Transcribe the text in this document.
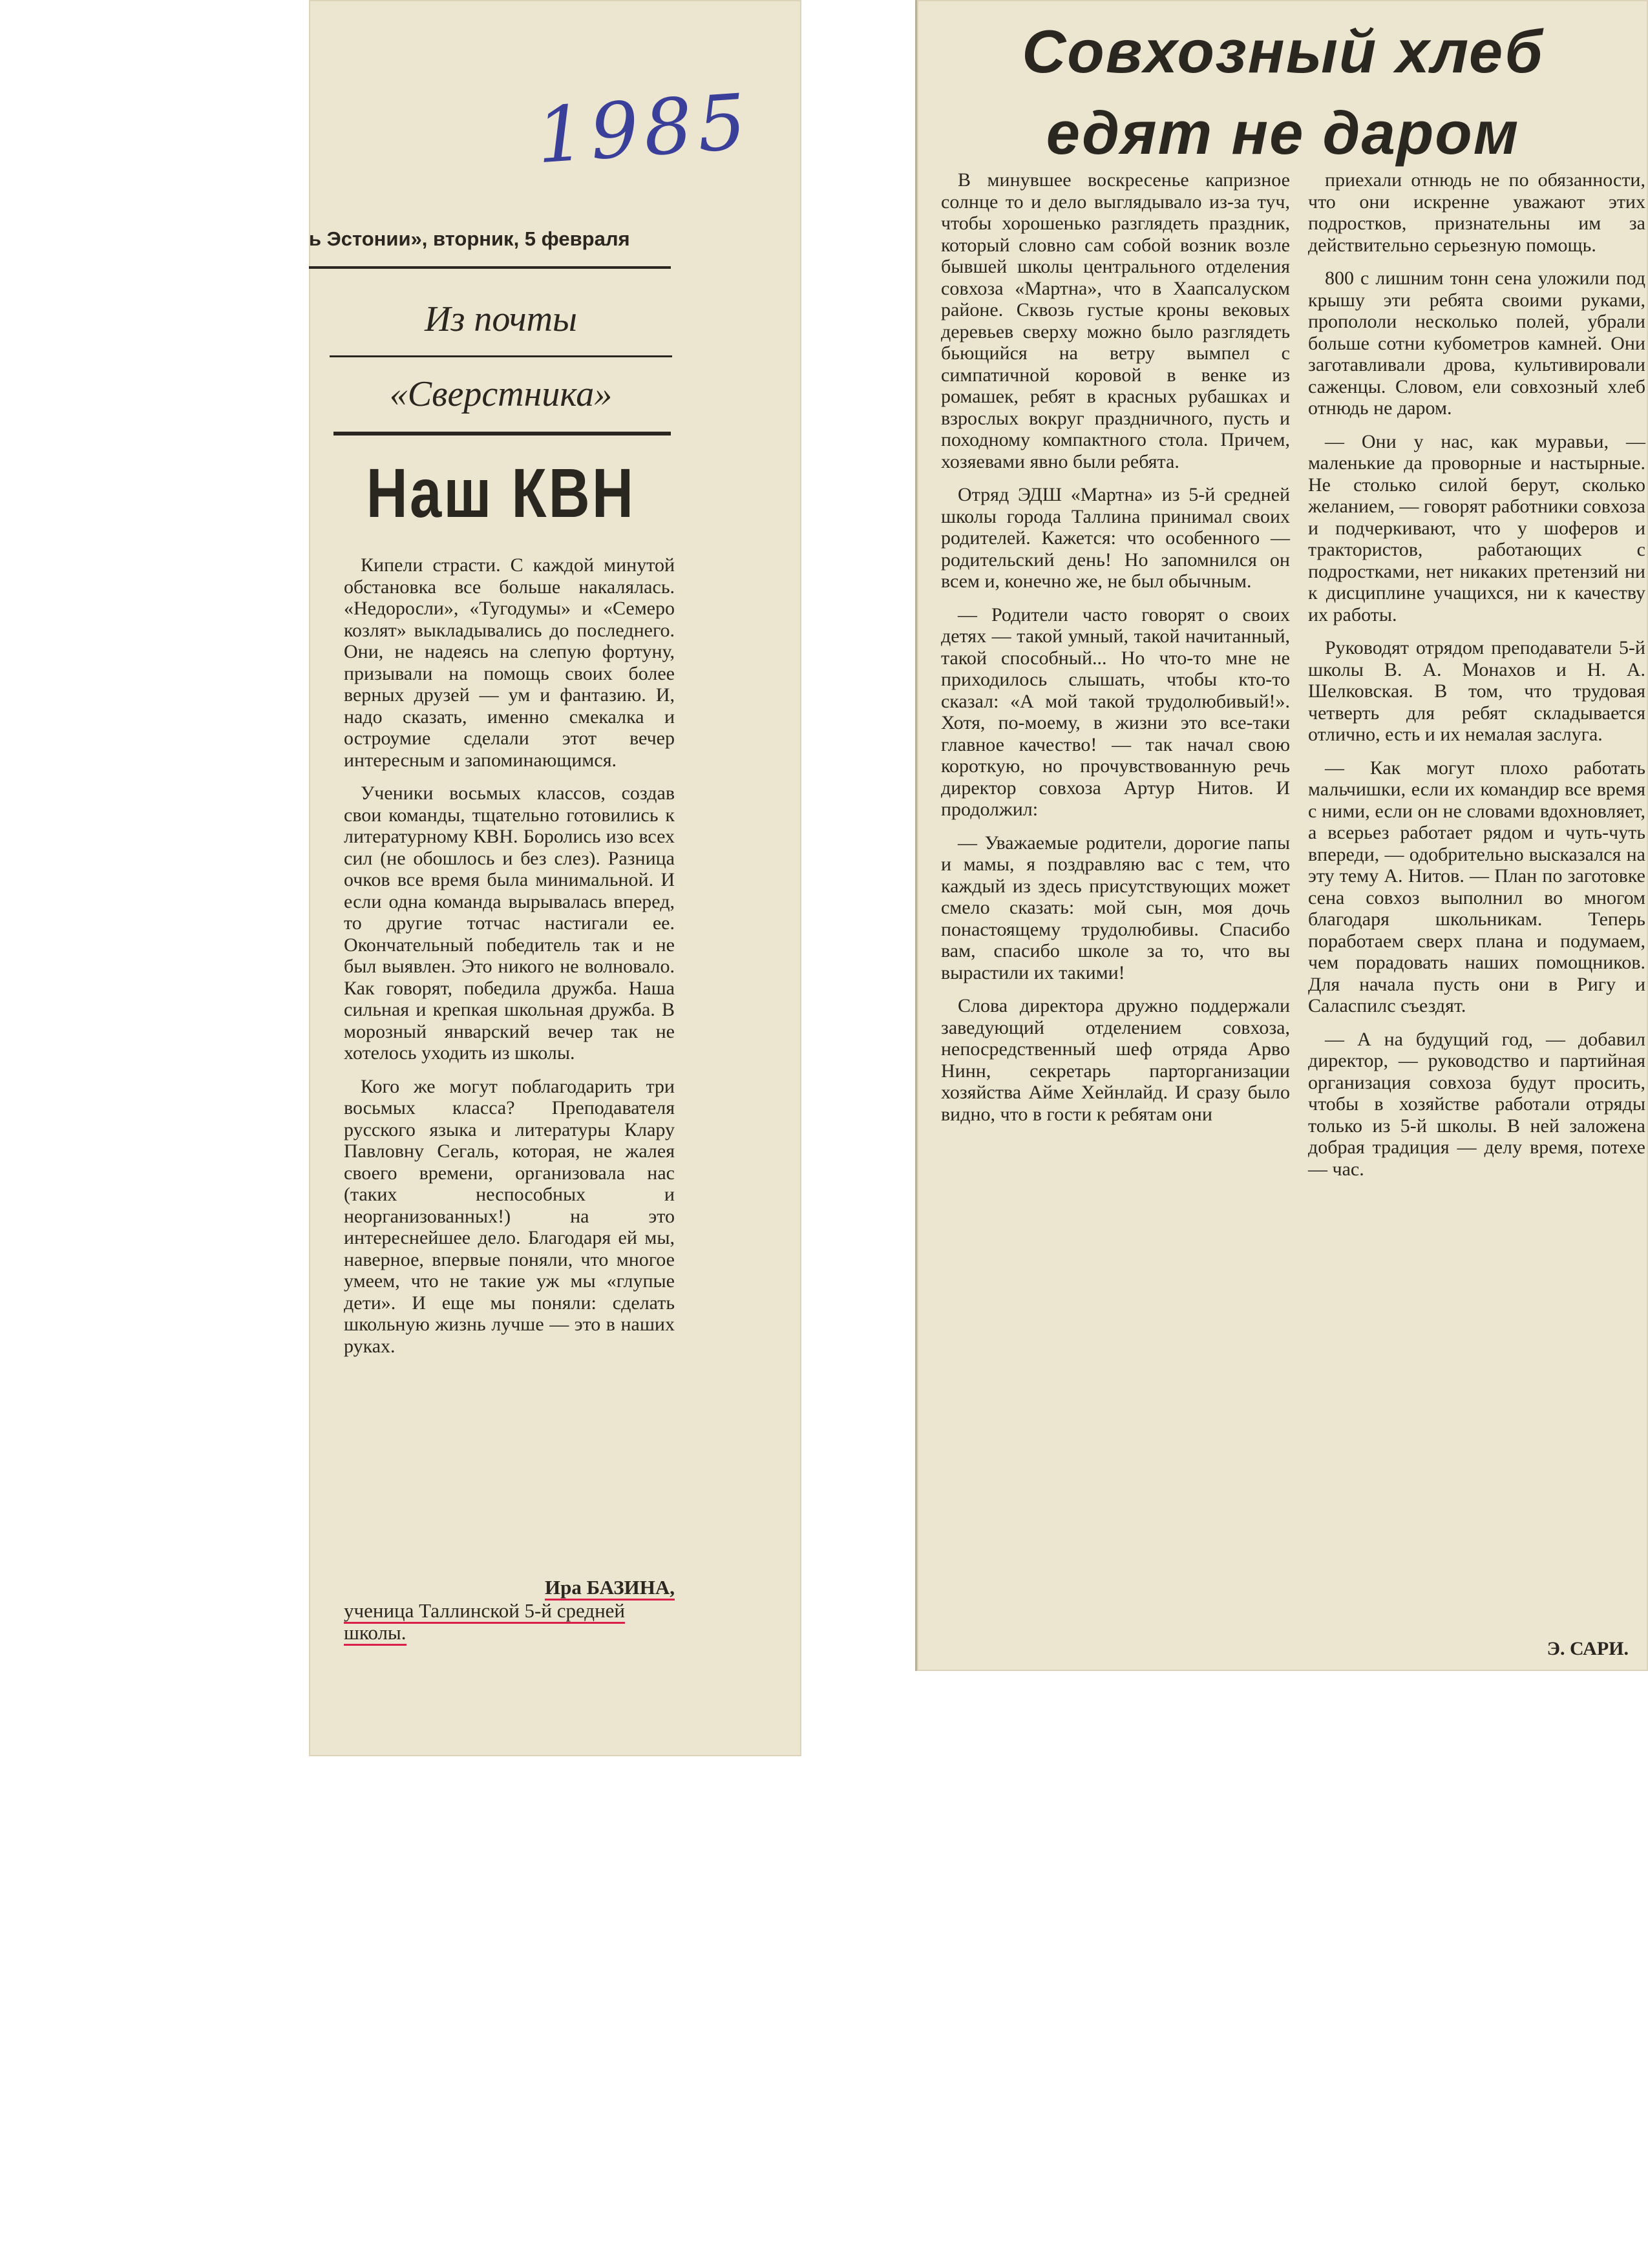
1985
ь Эстонии», вторник, 5 февраля
Из почты
«Сверстника»
Наш КВН

Кипели страсти. С каждой минутой обстановка все больше накалялась. «Недоросли», «Тугодумы» и «Семеро козлят» выкладывались до последнего. Они, не надеясь на слепую фортуну, призывали на помощь своих более верных друзей — ум и фантазию. И, надо сказать, именно смекалка и остроумие сделали этот вечер интересным и запоминающимся.

Ученики восьмых классов, создав свои команды, тщательно готовились к литературному КВН. Боролись изо всех сил (не обошлось и без слез). Разница очков все время была минимальной. И если одна команда вырывалась вперед, то другие тотчас настигали ее. Окончательный победитель так и не был выявлен. Это никого не волновало. Как говорят, победила дружба. Наша сильная и крепкая школьная дружба. В морозный январский вечер так не хотелось уходить из школы.

Кого же могут поблагодарить три восьмых класса? Преподавателя русского языка и литературы Клару Павловну Сегаль, которая, не жалея своего времени, организовала нас (таких неспособных и неорганизованных!) на это интереснейшее дело. Благодаря ей мы, наверное, впервые поняли, что многое умеем, что не такие уж мы «глупые дети». И еще мы поняли: сделать школьную жизнь лучше — это в наших руках.

Ира БАЗИНА,
ученица Таллинской 5-й средней школы.
Совхозный хлеб
едят не даром

В минувшее воскресенье капризное солнце то и дело выглядывало из-за туч, чтобы хорошенько разглядеть праздник, который словно сам собой возник возле бывшей школы центрального отделения совхоза «Мартна», что в Хаапсалуском районе. Сквозь густые кроны вековых деревьев сверху можно было разглядеть бьющийся на ветру вымпел с симпатичной коровой в венке из ромашек, ребят в красных рубашках и взрослых вокруг праздничного, пусть и походному компактного стола. Причем, хозяевами явно были ребята.

Отряд ЭДШ «Мартна» из 5-й средней школы города Таллина принимал своих родителей. Кажется: что особенного — родительский день! Но запомнился он всем и, конечно же, не был обычным.

— Родители часто говорят о своих детях — такой умный, такой начитанный, такой способный... Но что-то мне не приходилось слышать, чтобы кто-то сказал: «А мой такой трудолюбивый!». Хотя, по-моему, в жизни это все-таки главное качество! — так начал свою короткую, но прочувствованную речь директор совхоза Артур Нитов. И продолжил:

— Уважаемые родители, дорогие папы и мамы, я поздравляю вас с тем, что каждый из здесь присутствующих может смело сказать: мой сын, моя дочь понастоящему трудолюбивы. Спасибо вам, спасибо школе за то, что вы вырастили их такими!

Слова директора дружно поддержали заведующий отделением совхоза, непосредственный шеф отряда Арво Нинн, секретарь парторганизации хозяйства Айме Хейнлайд. И сразу было видно, что в гости к ребятам они

приехали отнюдь не по обязанности, что они искренне уважают этих подростков, признательны им за действительно серьезную помощь.

800 с лишним тонн сена уложили под крышу эти ребята своими руками, пропололи несколько полей, убрали больше сотни кубометров камней. Они заготавливали дрова, культивировали саженцы. Словом, ели совхозный хлеб отнюдь не даром.

— Они у нас, как муравьи, — маленькие да проворные и настырные. Не столько силой берут, сколько желанием, — говорят работники совхоза и подчеркивают, что у шоферов и трактористов, работающих с подростками, нет никаких претензий ни к дисциплине учащихся, ни к качеству их работы.

Руководят отрядом преподаватели 5-й школы В. А. Монахов и Н. А. Шелковская. В том, что трудовая четверть для ребят складывается отлично, есть и их немалая заслуга.

— Как могут плохо работать мальчишки, если их командир все время с ними, если он не словами вдохновляет, а всерьез работает рядом и чуть-чуть впереди, — одобрительно высказался на эту тему А. Нитов. — План по заготовке сена совхоз выполнил во многом благодаря школьникам. Теперь поработаем сверх плана и подумаем, чем порадовать наших помощников. Для начала пусть они в Ригу и Саласпилс съездят.

— А на будущий год, — добавил директор, — руководство и партийная организация совхоза будут просить, чтобы в хозяйстве работали отряды только из 5-й школы. В ней заложена добрая традиция — делу время, потехе — час.

Э. САРИ.
